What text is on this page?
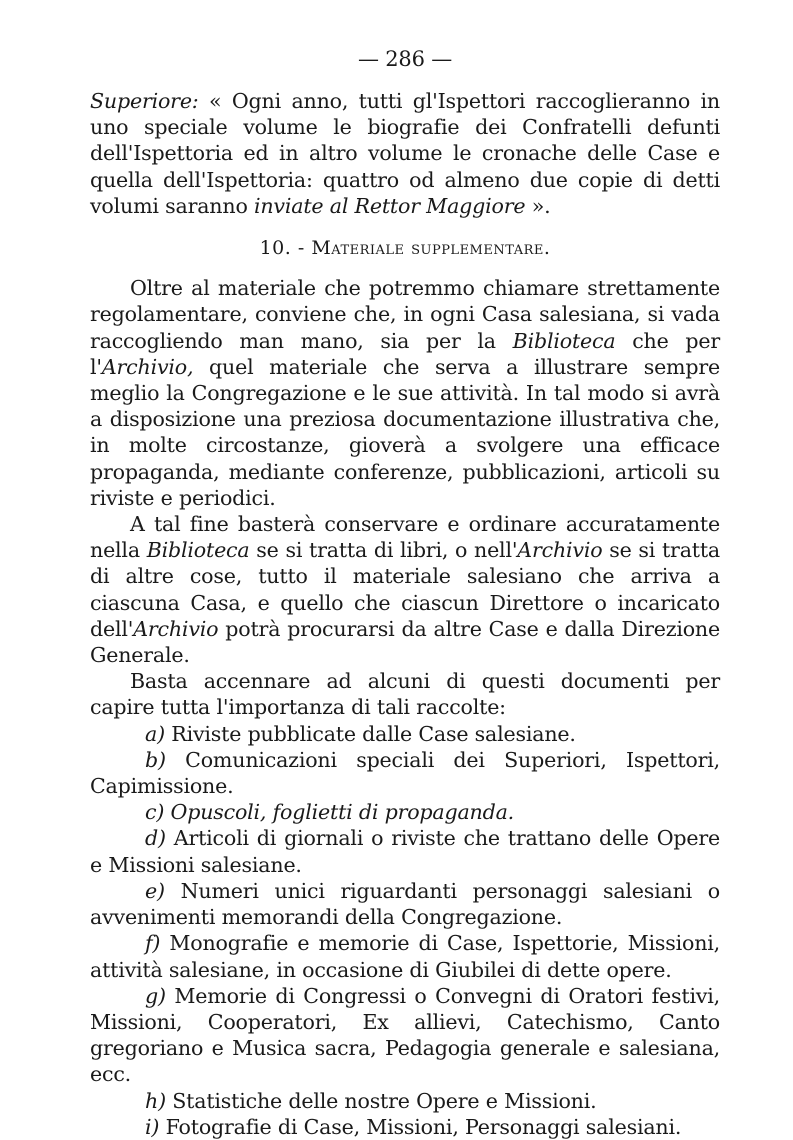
— 286 —

Superiore: « Ogni anno, tutti gl'Ispettori raccoglieranno in uno speciale volume le biografie dei Confratelli defunti dell'Ispettoria ed in altro volume le cronache delle Case e quella dell'Ispettoria: quattro od almeno due copie di detti volumi saranno inviate al Rettor Maggiore ».

10. - Materiale supplementare.

Oltre al materiale che potremmo chiamare strettamente regolamentare, conviene che, in ogni Casa salesiana, si vada raccogliendo man mano, sia per la Biblioteca che per l'Archivio, quel materiale che serva a illustrare sempre meglio la Congregazione e le sue attività. In tal modo si avrà a disposizione una preziosa documentazione illustrativa che, in molte circostanze, gioverà a svolgere una efficace propaganda, mediante conferenze, pubblicazioni, articoli su riviste e periodici.

A tal fine basterà conservare e ordinare accuratamente nella Biblioteca se si tratta di libri, o nell'Archivio se si tratta di altre cose, tutto il materiale salesiano che arriva a ciascuna Casa, e quello che ciascun Direttore o incaricato dell'Archivio potrà procurarsi da altre Case e dalla Direzione Generale.

Basta accennare ad alcuni di questi documenti per capire tutta l'importanza di tali raccolte:

a) Riviste pubblicate dalle Case salesiane.

b) Comunicazioni speciali dei Superiori, Ispettori, Capimissione.

c) Opuscoli, foglietti di propaganda.

d) Articoli di giornali o riviste che trattano delle Opere e Missioni salesiane.

e) Numeri unici riguardanti personaggi salesiani o avvenimenti memorandi della Congregazione.

f) Monografie e memorie di Case, Ispettorie, Missioni, attività salesiane, in occasione di Giubilei di dette opere.

g) Memorie di Congressi o Convegni di Oratori festivi, Missioni, Cooperatori, Ex allievi, Catechismo, Canto gregoriano e Musica sacra, Pedagogia generale e salesiana, ecc.

h) Statistiche delle nostre Opere e Missioni.

i) Fotografie di Case, Missioni, Personaggi salesiani.
